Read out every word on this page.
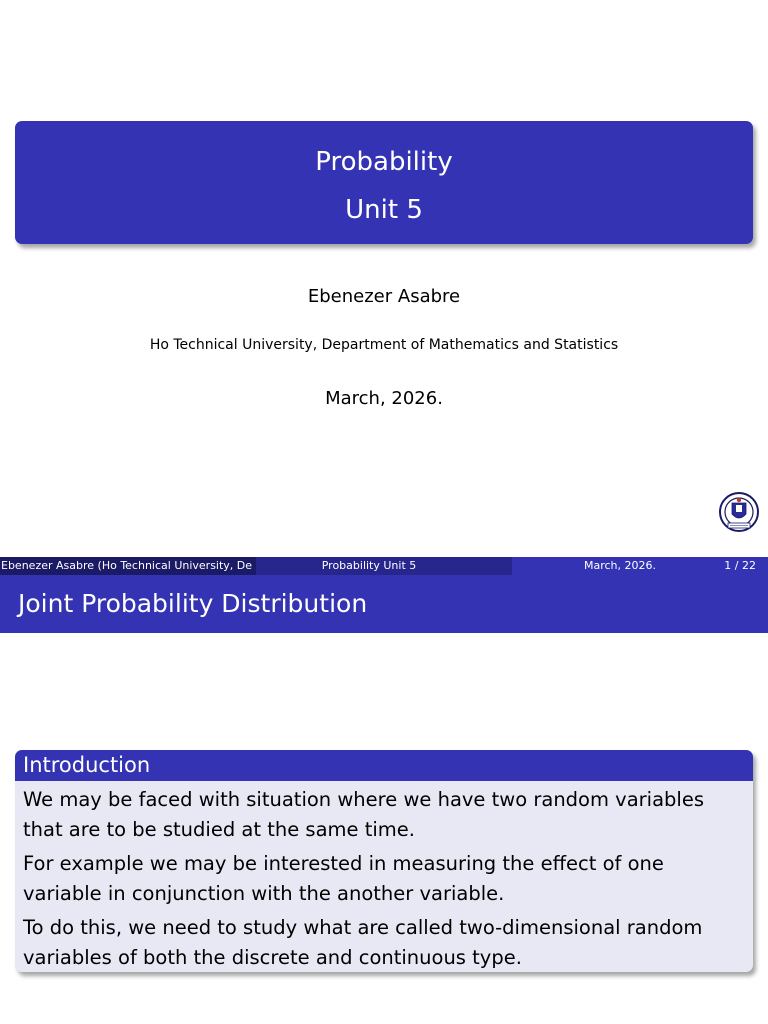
Probability
Unit 5
Ebenezer Asabre
Ho Technical University, Department of Mathematics and Statistics
March, 2026.
Ebenezer Asabre (Ho Technical University, De	Probability Unit 5	March, 2026.	1 / 22
Joint Probability Distribution
Introduction

We may be faced with situation where we have two random variables that are to be studied at the same time.

For example we may be interested in measuring the effect of one variable in conjunction with the another variable.

To do this, we need to study what are called two-dimensional random variables of both the discrete and continuous type.
